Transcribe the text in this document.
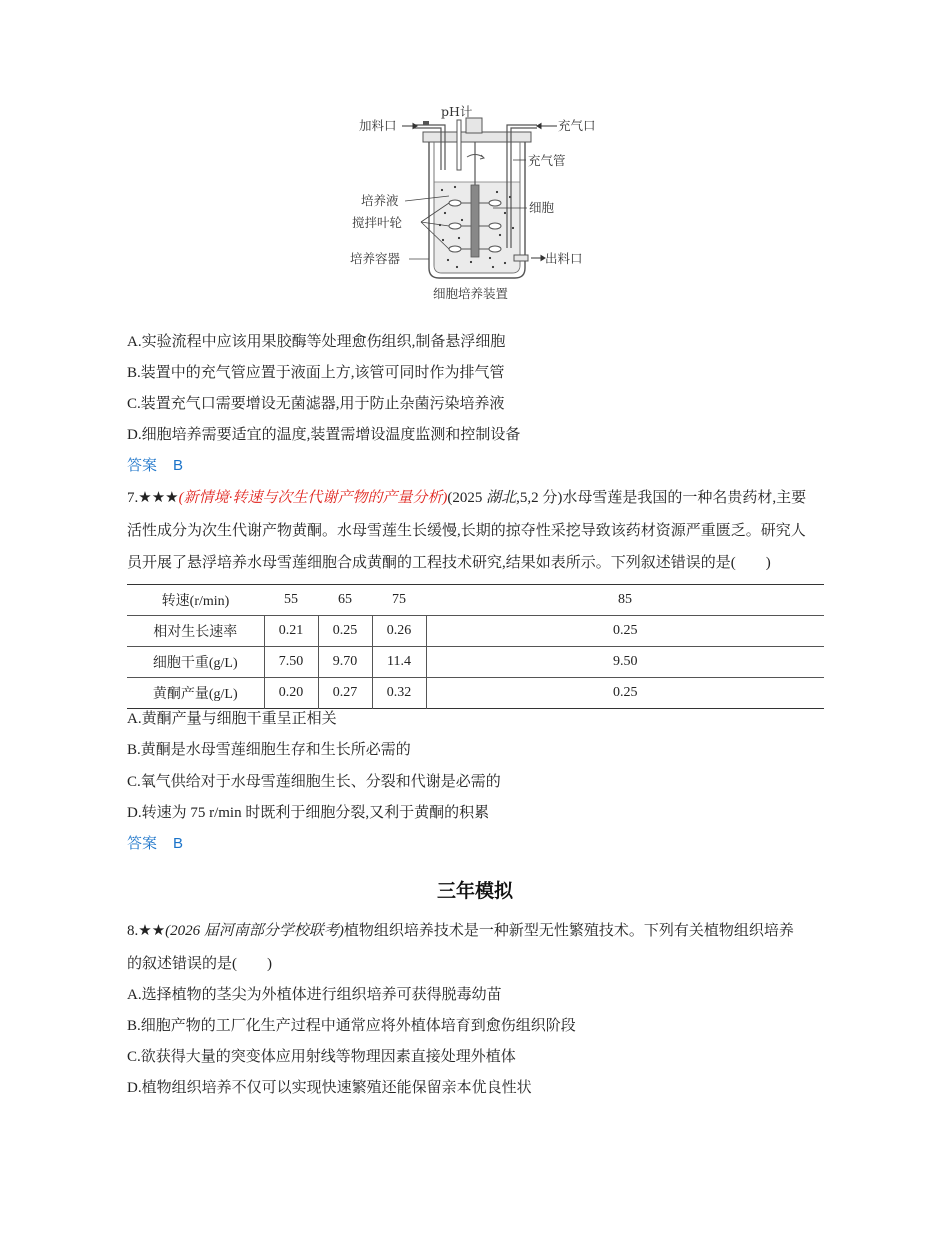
加料口
pH计
充气口
充气管
培养液	细胞
搅拌叶轮
培养容器	出料口
细胞培养装置
A.实验流程中应该用果胶酶等处理愈伤组织,制备悬浮细胞
B.装置中的充气管应置于液面上方,该管可同时作为排气管
C.装置充气口需要增设无菌滤器,用于防止杂菌污染培养液
D.细胞培养需要适宜的温度,装置需增设温度监测和控制设备
答案 B
7.★★★(新情境·转速与次生代谢产物的产量分析)(2025 湖北,5,2 分)水母雪莲是我国的一种名贵药材,主要
活性成分为次生代谢产物黄酮。水母雪莲生长缓慢,长期的掠夺性采挖导致该药材资源严重匮乏。研究人
员开展了悬浮培养水母雪莲细胞合成黄酮的工程技术研究,结果如表所示。下列叙述错误的是(　　)
转速(r/min)	55	65	75	85
相对生长速率	0.21	0.25	0.26	0.25
细胞干重(g/L)	7.50	9.70	11.4	9.50
黄酮产量(g/L)	0.20	0.27	0.32	0.25
A.黄酮产量与细胞干重呈正相关
B.黄酮是水母雪莲细胞生存和生长所必需的
C.氧气供给对于水母雪莲细胞生长、分裂和代谢是必需的
D.转速为 75 r/min 时既利于细胞分裂,又利于黄酮的积累
答案 B
三年模拟
8.★★(2026 届河南部分学校联考)植物组织培养技术是一种新型无性繁殖技术。下列有关植物组织培养
的叙述错误的是(　　)
A.选择植物的茎尖为外植体进行组织培养可获得脱毒幼苗
B.细胞产物的工厂化生产过程中通常应将外植体培育到愈伤组织阶段
C.欲获得大量的突变体应用射线等物理因素直接处理外植体
D.植物组织培养不仅可以实现快速繁殖还能保留亲本优良性状
